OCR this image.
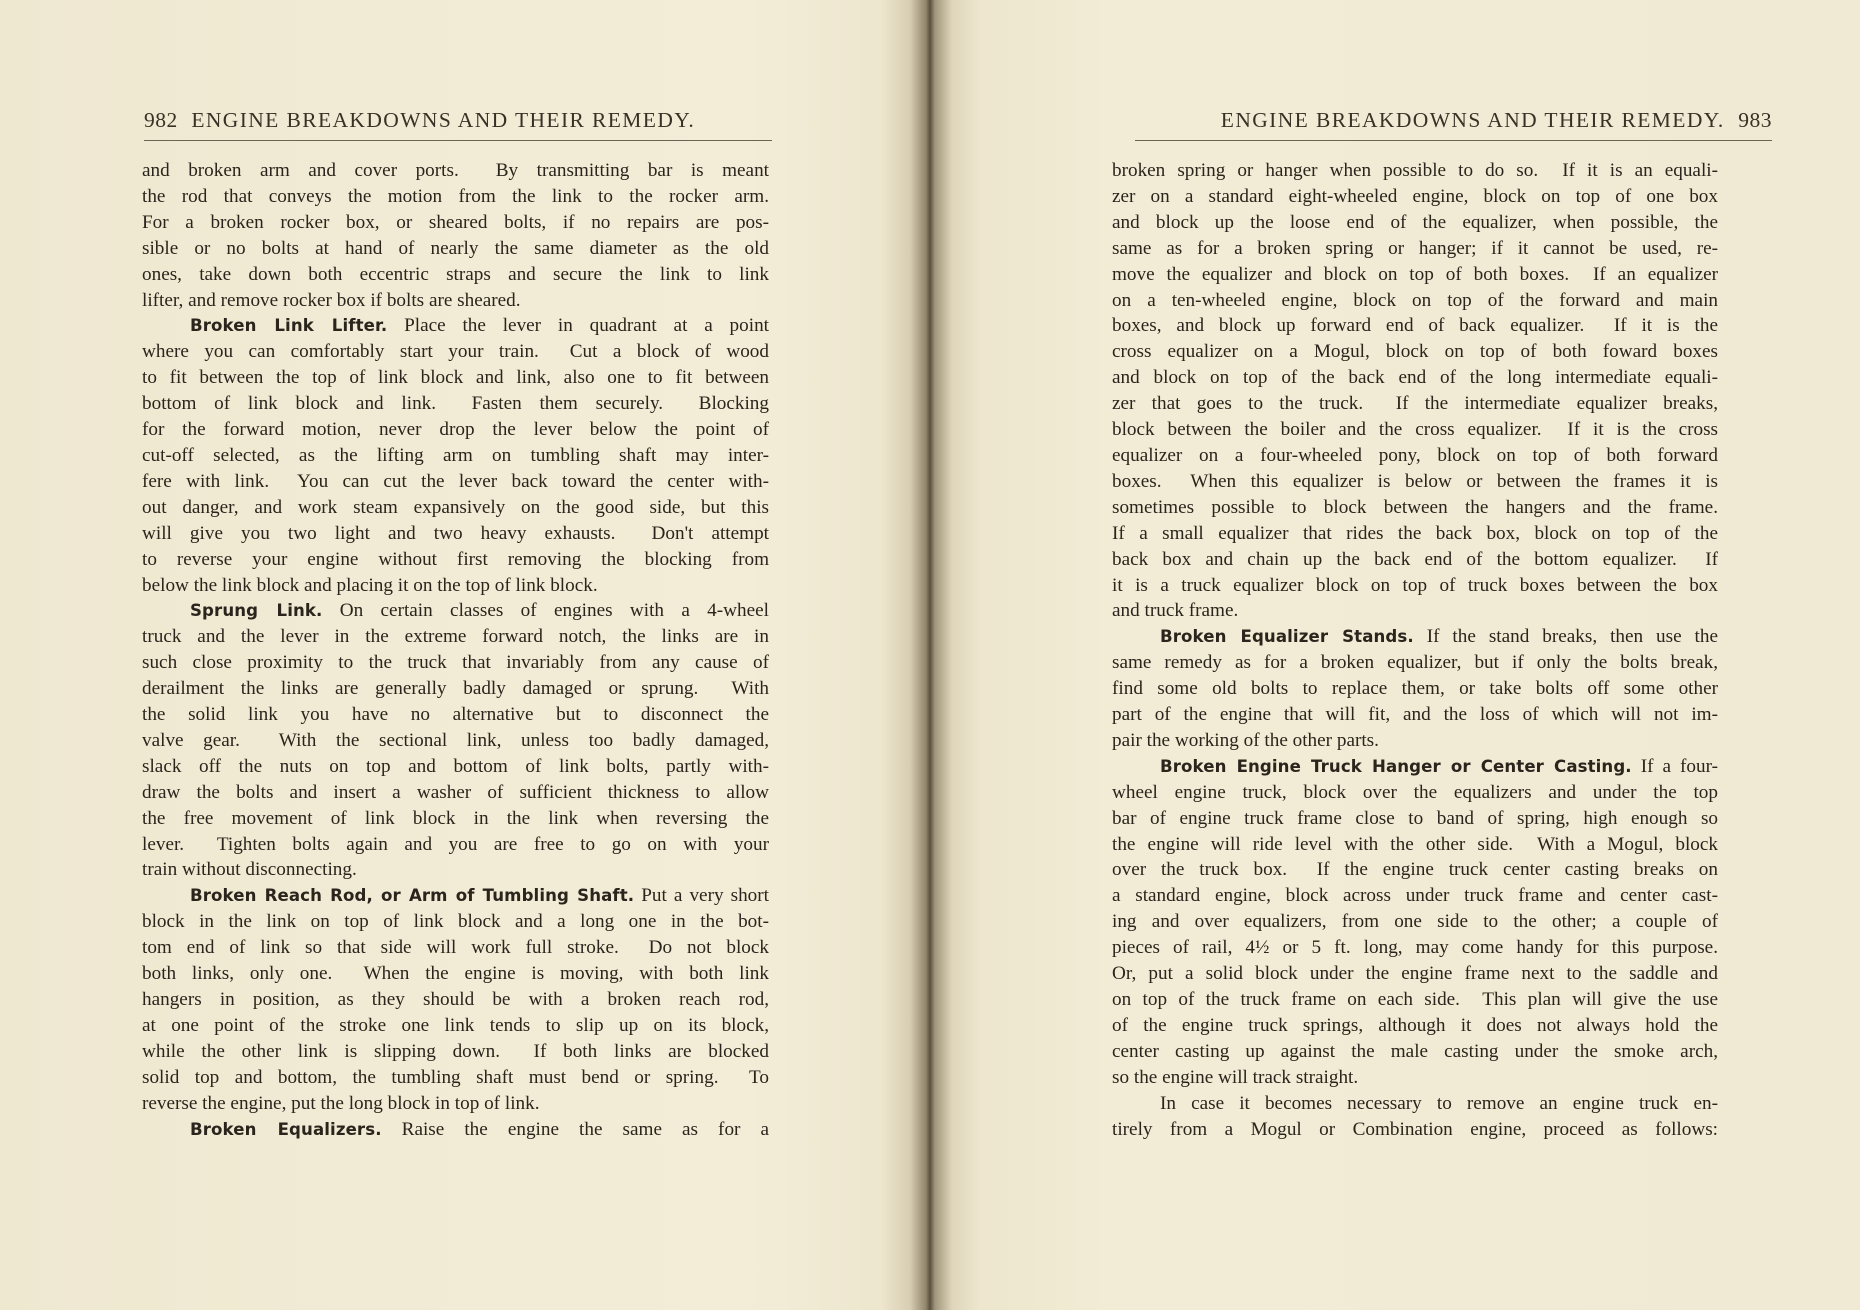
982 ENGINE BREAKDOWNS AND THEIR REMEDY.

and broken arm and cover ports.  By transmitting bar is meant

the rod that conveys the motion from the link to the rocker arm.

For a broken rocker box, or sheared bolts, if no repairs are pos-

sible or no bolts at hand of nearly the same diameter as the old

ones, take down both eccentric straps and secure the link to link

lifter, and remove rocker box if bolts are sheared.

Broken Link Lifter. Place the lever in quadrant at a point

where you can comfortably start your train.  Cut a block of wood

to fit between the top of link block and link, also one to fit between

bottom of link block and link.  Fasten them securely.  Blocking

for the forward motion, never drop the lever below the point of

cut-off selected, as the lifting arm on tumbling shaft may inter-

fere with link.  You can cut the lever back toward the center with-

out danger, and work steam expansively on the good side, but this

will give you two light and two heavy exhausts.  Don't attempt

to reverse your engine without first removing the blocking from

below the link block and placing it on the top of link block.

Sprung Link. On certain classes of engines with a 4-wheel

truck and the lever in the extreme forward notch, the links are in

such close proximity to the truck that invariably from any cause of

derailment the links are generally badly damaged or sprung.  With

the solid link you have no alternative but to disconnect the

valve gear.  With the sectional link, unless too badly damaged,

slack off the nuts on top and bottom of link bolts, partly with-

draw the bolts and insert a washer of sufficient thickness to allow

the free movement of link block in the link when reversing the

lever.  Tighten bolts again and you are free to go on with your

train without disconnecting.

Broken Reach Rod, or Arm of Tumbling Shaft. Put a very short

block in the link on top of link block and a long one in the bot-

tom end of link so that side will work full stroke.  Do not block

both links, only one.  When the engine is moving, with both link

hangers in position, as they should be with a broken reach rod,

at one point of the stroke one link tends to slip up on its block,

while the other link is slipping down.  If both links are blocked

solid top and bottom, the tumbling shaft must bend or spring.  To

reverse the engine, put the long block in top of link.

Broken Equalizers. Raise the engine the same as for a

ENGINE BREAKDOWNS AND THEIR REMEDY. 983

broken spring or hanger when possible to do so.  If it is an equali-

zer on a standard eight-wheeled engine, block on top of one box

and block up the loose end of the equalizer, when possible, the

same as for a broken spring or hanger; if it cannot be used, re-

move the equalizer and block on top of both boxes.  If an equalizer

on a ten-wheeled engine, block on top of the forward and main

boxes, and block up forward end of back equalizer.  If it is the

cross equalizer on a Mogul, block on top of both foward boxes

and block on top of the back end of the long intermediate equali-

zer that goes to the truck.  If the intermediate equalizer breaks,

block between the boiler and the cross equalizer.  If it is the cross

equalizer on a four-wheeled pony, block on top of both forward

boxes.  When this equalizer is below or between the frames it is

sometimes possible to block between the hangers and the frame.

If a small equalizer that rides the back box, block on top of the

back box and chain up the back end of the bottom equalizer.  If

it is a truck equalizer block on top of truck boxes between the box

and truck frame.

Broken Equalizer Stands. If the stand breaks, then use the

same remedy as for a broken equalizer, but if only the bolts break,

find some old bolts to replace them, or take bolts off some other

part of the engine that will fit, and the loss of which will not im-

pair the working of the other parts.

Broken Engine Truck Hanger or Center Casting. If a four-

wheel engine truck, block over the equalizers and under the top

bar of engine truck frame close to band of spring, high enough so

the engine will ride level with the other side.  With a Mogul, block

over the truck box.  If the engine truck center casting breaks on

a standard engine, block across under truck frame and center cast-

ing and over equalizers, from one side to the other; a couple of

pieces of rail, 4½ or 5 ft. long, may come handy for this purpose.

Or, put a solid block under the engine frame next to the saddle and

on top of the truck frame on each side.  This plan will give the use

of the engine truck springs, although it does not always hold the

center casting up against the male casting under the smoke arch,

so the engine will track straight.

In case it becomes necessary to remove an engine truck en-

tirely from a Mogul or Combination engine, proceed as follows:
